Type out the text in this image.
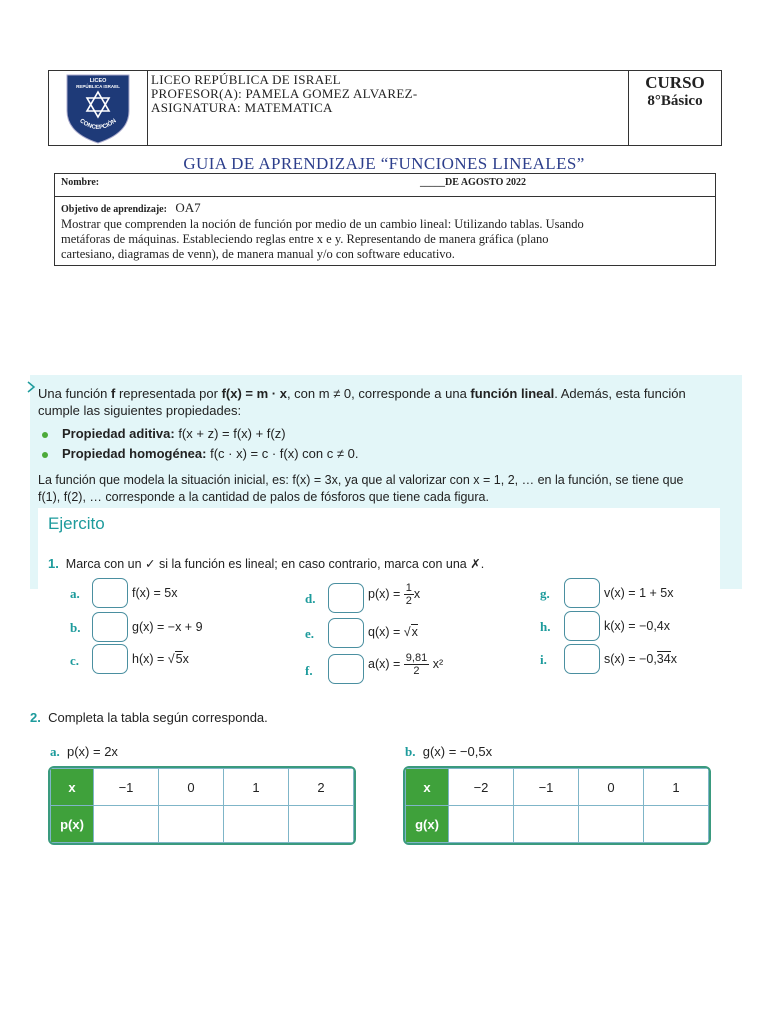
LICEO
REPÚBLICA ISRAEL
CONCEPCIÓN
LICEO REPÚBLICA DE ISRAEL
PROFESOR(A): PAMELA GOMEZ ALVAREZ-
ASIGNATURA: MATEMATICA
CURSO
8°Básico
GUIA DE APRENDIZAJE “FUNCIONES LINEALES”
Nombre:	_____DE AGOSTO 2022
Objetivo de aprendizaje: OA7
Mostrar que comprenden la noción de función por medio de un cambio lineal: Utilizando tablas. Usando
metáforas de máquinas. Estableciendo reglas entre x e y. Representando de manera gráfica (plano
cartesiano, diagramas de venn), de manera manual y/o con software educativo.
Una función f representada por f(x) = m · x, con m ≠ 0, corresponde a una función lineal. Además, esta función
cumple las siguientes propiedades:
Propiedad aditiva: f(x + z) = f(x) + f(z)
Propiedad homogénea: f(c · x) = c · f(x) con c ≠ 0.
La función que modela la situación inicial, es: f(x) = 3x, ya que al valorizar con x = 1, 2, … en la función, se tiene que
f(1), f(2), … corresponde a la cantidad de palos de fósforos que tiene cada figura.
Ejercito
1. Marca con un ✓ si la función es lineal; en caso contrario, marca con una ✗.
a.	f(x) = 5x
b.	g(x) = −x + 9
c.	h(x) = √5x
d.	$p(x) = \frac{1}{2}$ x
e.	q(x) = √x
f.	$a(x) = \frac{9,81}{2} x^2$
g.	v(x) = 1 + 5x
h.	k(x) = −0,4x
i.	s(x) = −0,34x
2. Completa la tabla según corresponda.
a. p(x) = 2x
x	−1	0	1	2
p(x)				
b. g(x) = −0,5x
x	−2	−1	0	1
g(x)				
